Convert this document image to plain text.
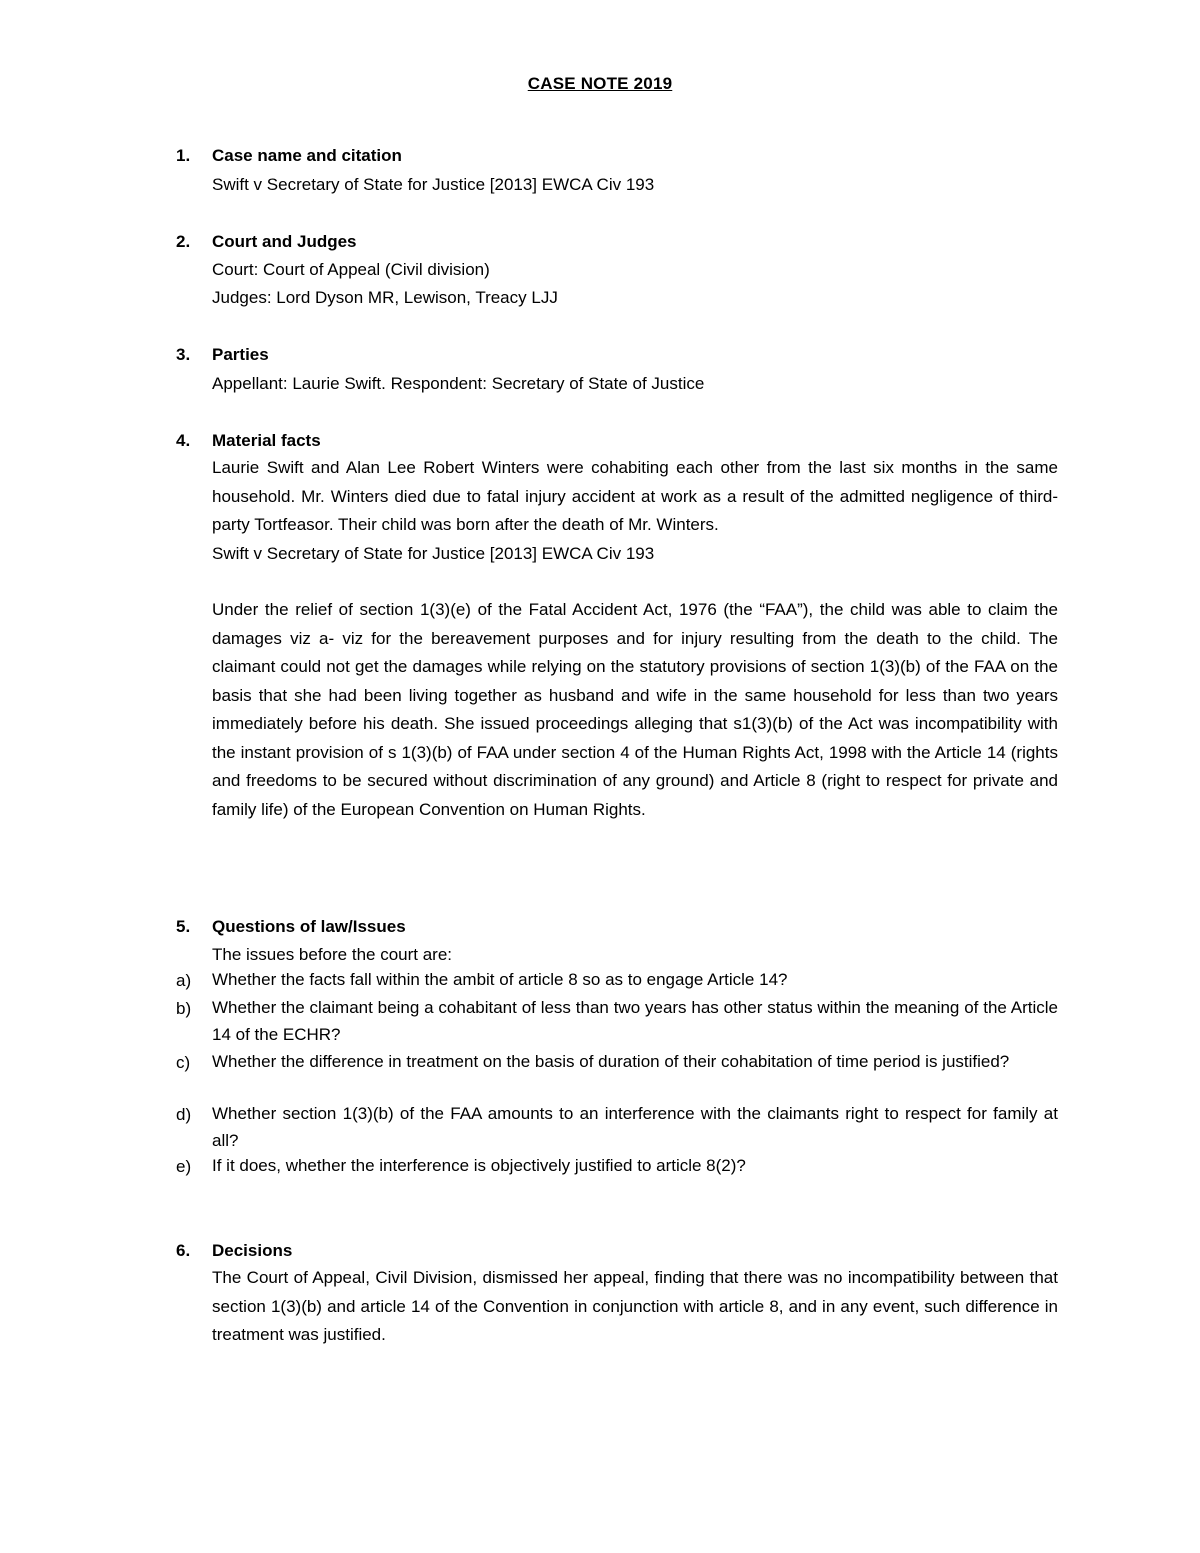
CASE NOTE 2019
1. Case name and citation
Swift v Secretary of State for Justice [2013] EWCA Civ 193
2. Court and Judges
Court: Court of Appeal (Civil division)
Judges: Lord Dyson MR, Lewison, Treacy LJJ
3. Parties
Appellant: Laurie Swift. Respondent: Secretary of State of Justice
4. Material facts
Laurie Swift and Alan Lee Robert Winters were cohabiting each other from the last six months in the same household. Mr. Winters died due to fatal injury accident at work as a result of the admitted negligence of third-party Tortfeasor. Their child was born after the death of Mr. Winters.
Swift v Secretary of State for Justice [2013] EWCA Civ 193
Under the relief of section 1(3)(e) of the Fatal Accident Act, 1976 (the “FAA”), the child was able to claim the damages viz a- viz for the bereavement purposes and for injury resulting from the death to the child. The claimant could not get the damages while relying on the statutory provisions of section 1(3)(b) of the FAA on the basis that she had been living together as husband and wife in the same household for less than two years immediately before his death. She issued proceedings alleging that s1(3)(b) of the Act was incompatibility with the instant provision of s 1(3)(b) of FAA under section 4 of the Human Rights Act, 1998 with the Article 14 (rights and freedoms to be secured without discrimination of any ground) and Article 8 (right to respect for private and family life) of the European Convention on Human Rights.
5. Questions of law/Issues
The issues before the court are:
a) Whether the facts fall within the ambit of article 8 so as to engage Article 14?
b) Whether the claimant being a cohabitant of less than two years has other status within the meaning of the Article 14 of the ECHR?
c) Whether the difference in treatment on the basis of duration of their cohabitation of time period is justified?
d) Whether section 1(3)(b) of the FAA amounts to an interference with the claimants right to respect for family at all?
e) If it does, whether the interference is objectively justified to article 8(2)?
6. Decisions
The Court of Appeal, Civil Division, dismissed her appeal, finding that there was no incompatibility between that section 1(3)(b) and article 14 of the Convention in conjunction with article 8, and in any event, such difference in treatment was justified.
